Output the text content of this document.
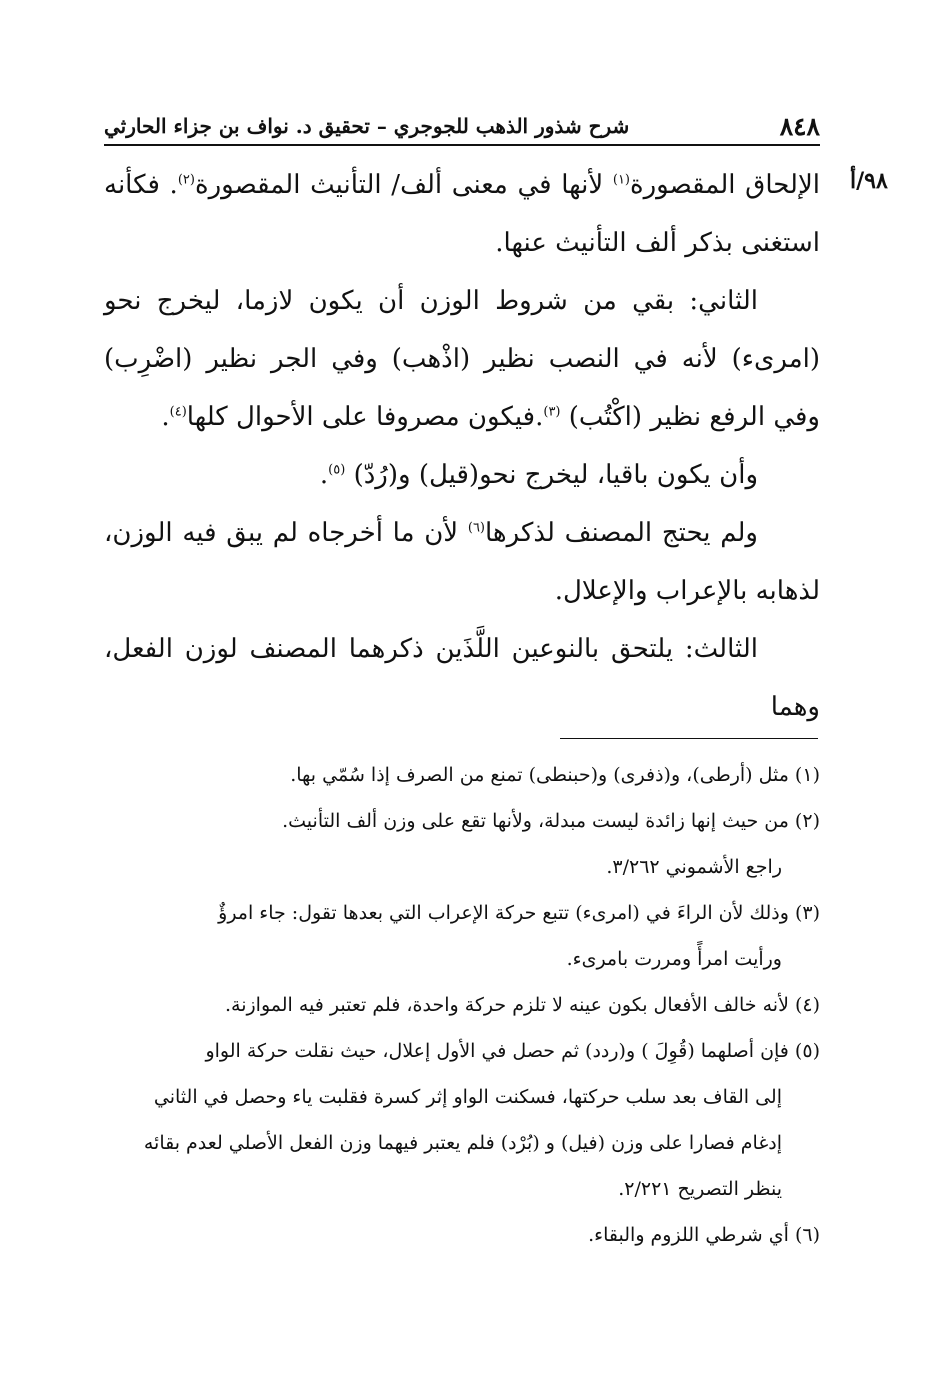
٨٤٨
شرح شذور الذهب للجوجري – تحقيق د. نواف بن جزاء الحارثي
٩٨/أ

الإلحاق المقصورة$^{(١)}$ لأنها في معنى ألف/ التأنيث المقصورة$^{(٢)}$. فكأنه استغنى بذكر ألف التأنيث عنها.

الثاني: بقي من شروط الوزن أن يكون لازما، ليخرج نحو (امرىء) لأنه في النصب نظير (اذْهب) وفي الجر نظير (اضْرِب) وفي الرفع نظير (اكْتُب) $^{(٣)}$.فيكون مصروفا على الأحوال كلها$^{(٤)}$.

وأن يكون باقيا، ليخرج نحو(قيل) و(رُدّ) $^{(٥)}$.

ولم يحتج المصنف لذكرها$^{(٦)}$ لأن ما أخرجاه لم يبق فيه الوزن، لذهابه بالإعراب والإعلال.

الثالث: يلتحق بالنوعين اللَّذَين ذكرهما المصنف لوزن الفعل، وهما

(١) مثل (أرطى)، و(ذفرى) و(حبنطى) تمنع من الصرف إذا سُمّي بها.

(٢) من حيث إنها زائدة ليست مبدلة، ولأنها تقع على وزن ألف التأنيث.

راجع الأشموني ٣/٢٦٢.

(٣) وذلك لأن الراءَ في (امرىء) تتبع حركة الإعراب التي بعدها تقول: جاء امرؤٌ

ورأيت امرأً ومررت بامرىء.

(٤) لأنه خالف الأفعال بكون عينه لا تلزم حركة واحدة، فلم تعتبر فيه الموازنة.

(٥) فإن أصلهما (قُوِلَ ) و(ردد) ثم حصل في الأول إعلال، حيث نقلت حركة الواو

إلى القاف بعد سلب حركتها، فسكنت الواو إثر كسرة فقلبت ياء وحصل في الثاني

إدغام فصارا على وزن (فيل) و (بُرْد) فلم يعتبر فيهما وزن الفعل الأصلي لعدم بقائه

ينظر التصريح ٢/٢٢١.

(٦) أي شرطي اللزوم والبقاء.
